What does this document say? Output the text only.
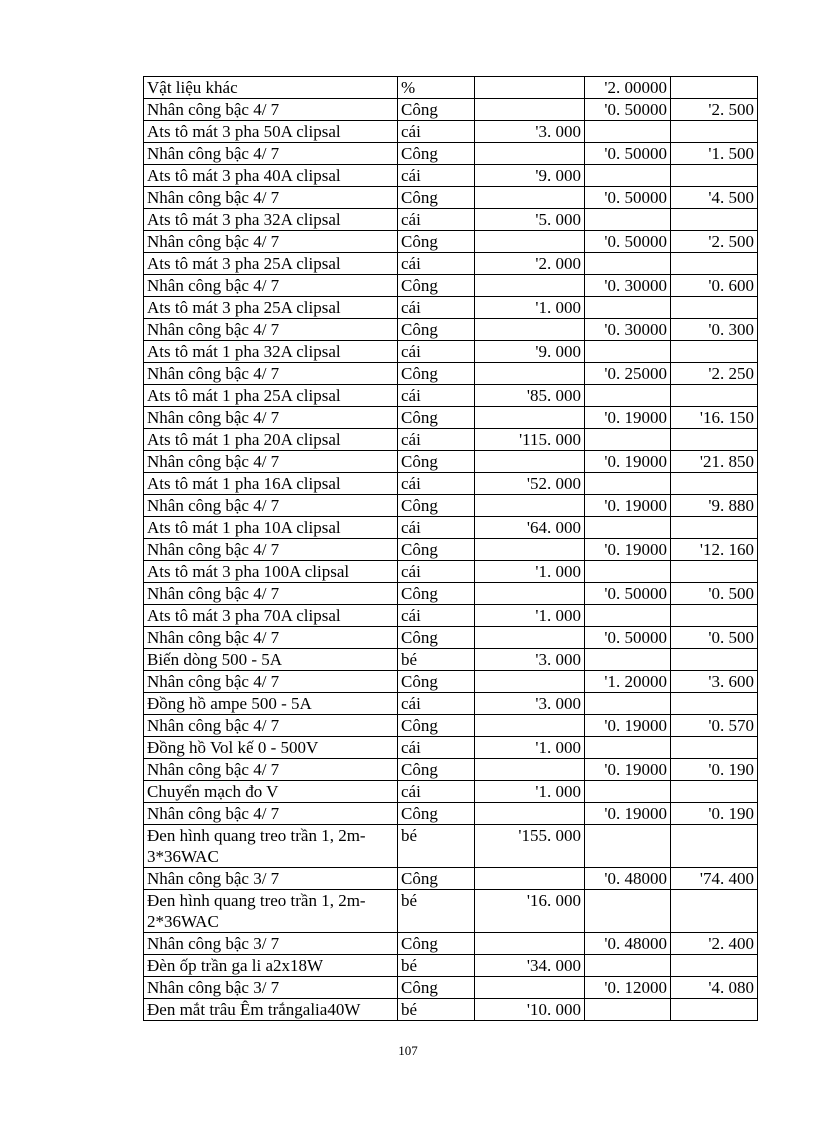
Vật liệu khác	%		'2. 00000	
Nhân công bậc 4/ 7	Công		'0. 50000	'2. 500
Ats tô mát 3 pha 50A clipsal	cái	'3. 000		
Nhân công bậc 4/ 7	Công		'0. 50000	'1. 500
Ats tô mát 3 pha 40A clipsal	cái	'9. 000		
Nhân công bậc 4/ 7	Công		'0. 50000	'4. 500
Ats tô mát 3 pha 32A clipsal	cái	'5. 000		
Nhân công bậc 4/ 7	Công		'0. 50000	'2. 500
Ats tô mát 3 pha 25A clipsal	cái	'2. 000		
Nhân công bậc 4/ 7	Công		'0. 30000	'0. 600
Ats tô mát 3 pha 25A clipsal	cái	'1. 000		
Nhân công bậc 4/ 7	Công		'0. 30000	'0. 300
Ats tô mát 1 pha 32A clipsal	cái	'9. 000		
Nhân công bậc 4/ 7	Công		'0. 25000	'2. 250
Ats tô mát 1 pha 25A clipsal	cái	'85. 000		
Nhân công bậc 4/ 7	Công		'0. 19000	'16. 150
Ats tô mát 1 pha 20A clipsal	cái	'115. 000		
Nhân công bậc 4/ 7	Công		'0. 19000	'21. 850
Ats tô mát 1 pha 16A clipsal	cái	'52. 000		
Nhân công bậc 4/ 7	Công		'0. 19000	'9. 880
Ats tô mát 1 pha 10A clipsal	cái	'64. 000		
Nhân công bậc 4/ 7	Công		'0. 19000	'12. 160
Ats tô mát 3 pha 100A clipsal	cái	'1. 000		
Nhân công bậc 4/ 7	Công		'0. 50000	'0. 500
Ats tô mát 3 pha 70A clipsal	cái	'1. 000		
Nhân công bậc 4/ 7	Công		'0. 50000	'0. 500
Biến dòng 500 - 5A	bé	'3. 000		
Nhân công bậc 4/ 7	Công		'1. 20000	'3. 600
Đồng hồ ampe 500 - 5A	cái	'3. 000		
Nhân công bậc 4/ 7	Công		'0. 19000	'0. 570
Đồng hồ Vol kế 0 - 500V	cái	'1. 000		
Nhân công bậc 4/ 7	Công		'0. 19000	'0. 190
Chuyển mạch đo V	cái	'1. 000		
Nhân công bậc 4/ 7	Công		'0. 19000	'0. 190
Đen hình quang treo trần 1, 2m- 3*36WAC	bé	'155. 000		
Nhân công bậc 3/ 7	Công		'0. 48000	'74. 400
Đen hình quang treo trần 1, 2m- 2*36WAC	bé	'16. 000		
Nhân công bậc 3/ 7	Công		'0. 48000	'2. 400
Đèn ốp trần ga li a2x18W	bé	'34. 000		
Nhân công bậc 3/ 7	Công		'0. 12000	'4. 080
Đen mắt trâu Êm trắngalia40W	bé	'10. 000		
107
